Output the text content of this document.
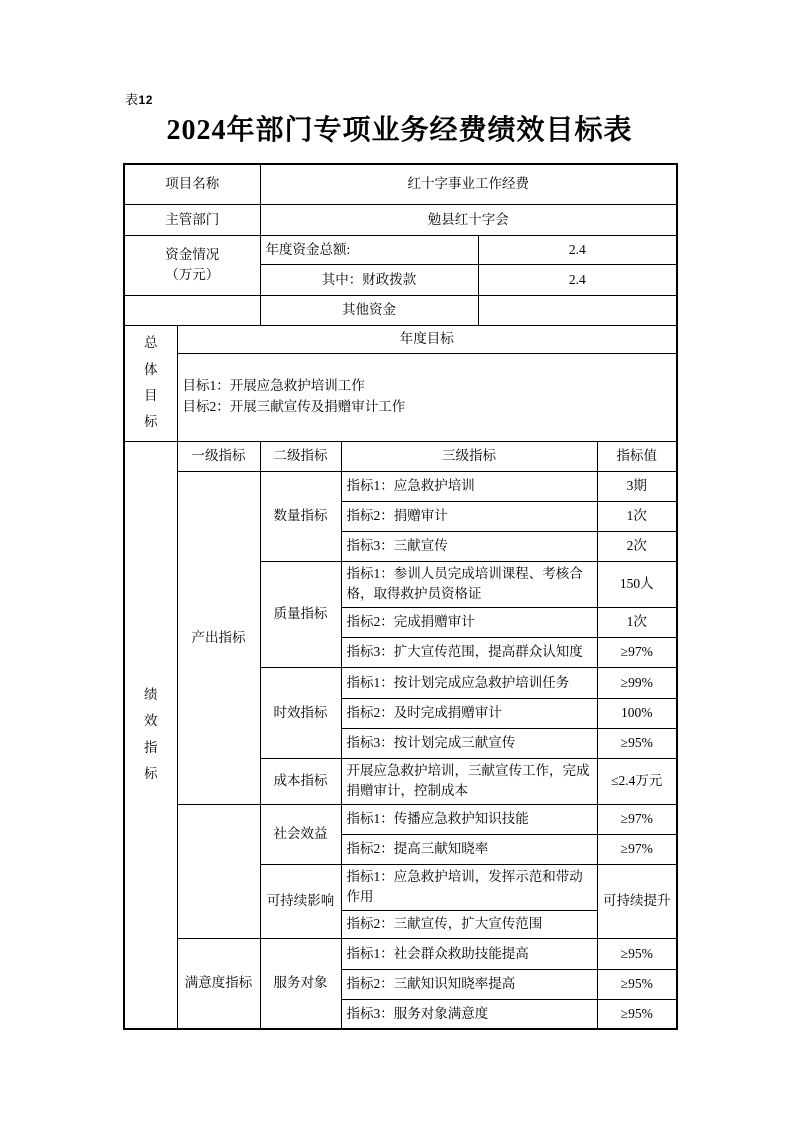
表12
2024年部门专项业务经费绩效目标表
项目名称		红十字事业工作经费			
主管部门		勉县红十字会			

资金情况
（万元）		年度资金总额:		2.4	
		其中：财政拨款		2.4	
		其他资金			

总体目标	年度目标				

	目标1：开展应急救护培训工作
目标2：开展三献宣传及捐赠审计工作				

绩效指标	一级指标	二级指标	三级指标		指标值
	产出指标	数量指标	指标1：应急救护培训		3期
			指标2：捐赠审计		1次
			指标3：三献宣传		2次
		质量指标	指标1：参训人员完成培训课程、考核合格，取得救护员资格证		150人
			指标2：完成捐赠审计		1次
			指标3：扩大宣传范围，提高群众认知度		≥97%
		时效指标	指标1：按计划完成应急救护培训任务		≥99%
			指标2：及时完成捐赠审计		100%
			指标3：按计划完成三献宣传		≥95%
		成本指标	开展应急救护培训，三献宣传工作，完成捐赠审计，控制成本		≤2.4万元
		社会效益	指标1：传播应急救护知识技能		≥97%
			指标2：提高三献知晓率		≥97%
		可持续影响	指标1：应急救护培训，发挥示范和带动作用		可持续提升
			指标2：三献宣传，扩大宣传范围		
	满意度指标	服务对象	指标1：社会群众救助技能提高		≥95%
			指标2：三献知识知晓率提高		≥95%
			指标3：服务对象满意度		≥95%
